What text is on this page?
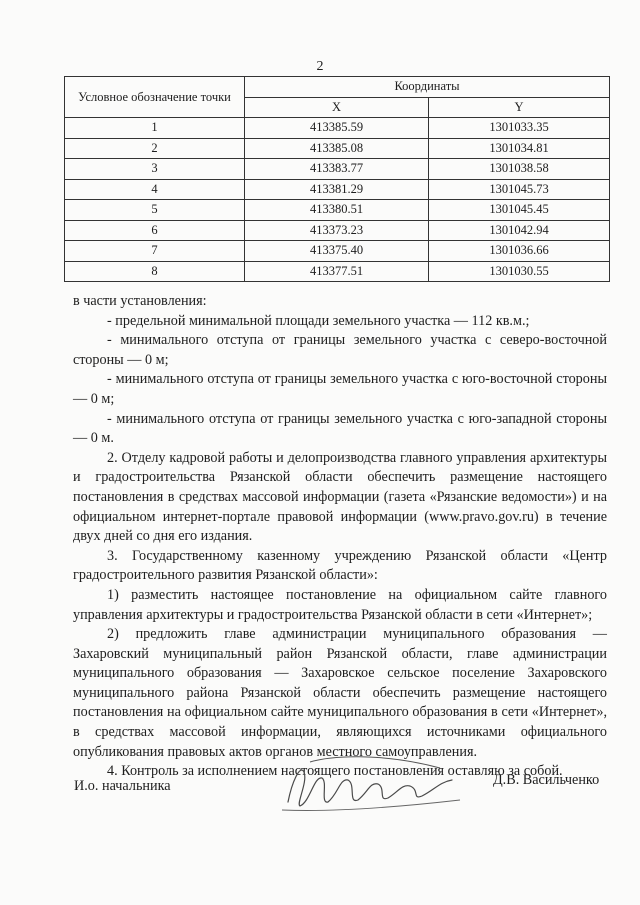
2
Условное обозначение точки	Координаты	
	X	Y
1	413385.59	1301033.35
2	413385.08	1301034.81
3	413383.77	1301038.58
4	413381.29	1301045.73
5	413380.51	1301045.45
6	413373.23	1301042.94
7	413375.40	1301036.66
8	413377.51	1301030.55

в части установления:

- предельной минимальной площади земельного участка — 112 кв.м.;

- минимального отступа от границы земельного участка с северо-восточной стороны — 0 м;

- минимального отступа от границы земельного участка с юго-восточной стороны — 0 м;

- минимального отступа от границы земельного участка с юго-западной стороны — 0 м.

2. Отделу кадровой работы и делопроизводства главного управления архитектуры и градостроительства Рязанской области обеспечить размещение настоящего постановления в средствах массовой информации (газета «Рязанские ведомости») и на официальном интернет-портале правовой информации (www.pravo.gov.ru) в течение двух дней со дня его издания.

3. Государственному казенному учреждению Рязанской области «Центр градостроительного развития Рязанской области»:

1) разместить настоящее постановление на официальном сайте главного управления архитектуры и градостроительства Рязанской области в сети «Интернет»;

2) предложить главе администрации муниципального образования — Захаровский муниципальный район Рязанской области, главе администрации муниципального образования — Захаровское сельское поселение Захаровского муниципального района Рязанской области обеспечить размещение настоящего постановления на официальном сайте муниципального образования в сети «Интернет», в средствах массовой информации, являющихся источниками официального опубликования правовых актов органов местного самоуправления.

4. Контроль за исполнением настоящего постановления оставляю за собой.

И.о. начальника	Д.В. Васильченко
